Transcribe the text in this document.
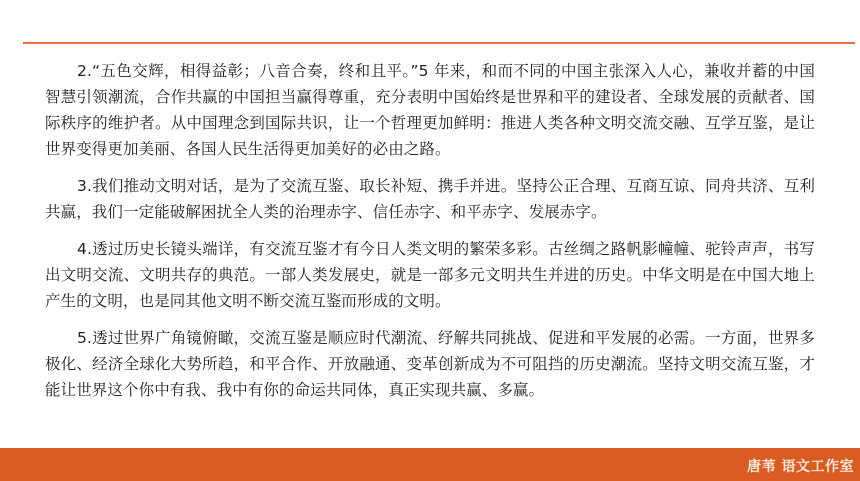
2.“五色交辉，相得益彰；八音合奏，终和且平。”5 年来，和而不同的中国主张深入人心，兼收并蓄的中国智慧引领潮流，合作共赢的中国担当赢得尊重，充分表明中国始终是世界和平的建设者、全球发展的贡献者、国际秩序的维护者。从中国理念到国际共识，让一个哲理更加鲜明：推进人类各种文明交流交融、互学互鉴，是让世界变得更加美丽、各国人民生活得更加美好的必由之路。

3.我们推动文明对话，是为了交流互鉴、取长补短、携手并进。坚持公正合理、互商互谅、同舟共济、互利共赢，我们一定能破解困扰全人类的治理赤字、信任赤字、和平赤字、发展赤字。

4.透过历史长镜头端详，有交流互鉴才有今日人类文明的繁荣多彩。古丝绸之路帆影幢幢、驼铃声声，书写出文明交流、文明共存的典范。一部人类发展史，就是一部多元文明共生并进的历史。中华文明是在中国大地上产生的文明，也是同其他文明不断交流互鉴而形成的文明。

5.透过世界广角镜俯瞰，交流互鉴是顺应时代潮流、纾解共同挑战、促进和平发展的必需。一方面，世界多极化、经济全球化大势所趋，和平合作、开放融通、变革创新成为不可阻挡的历史潮流。坚持文明交流互鉴，才能让世界这个你中有我、我中有你的命运共同体，真正实现共赢、多赢。

唐苇 语文工作室
